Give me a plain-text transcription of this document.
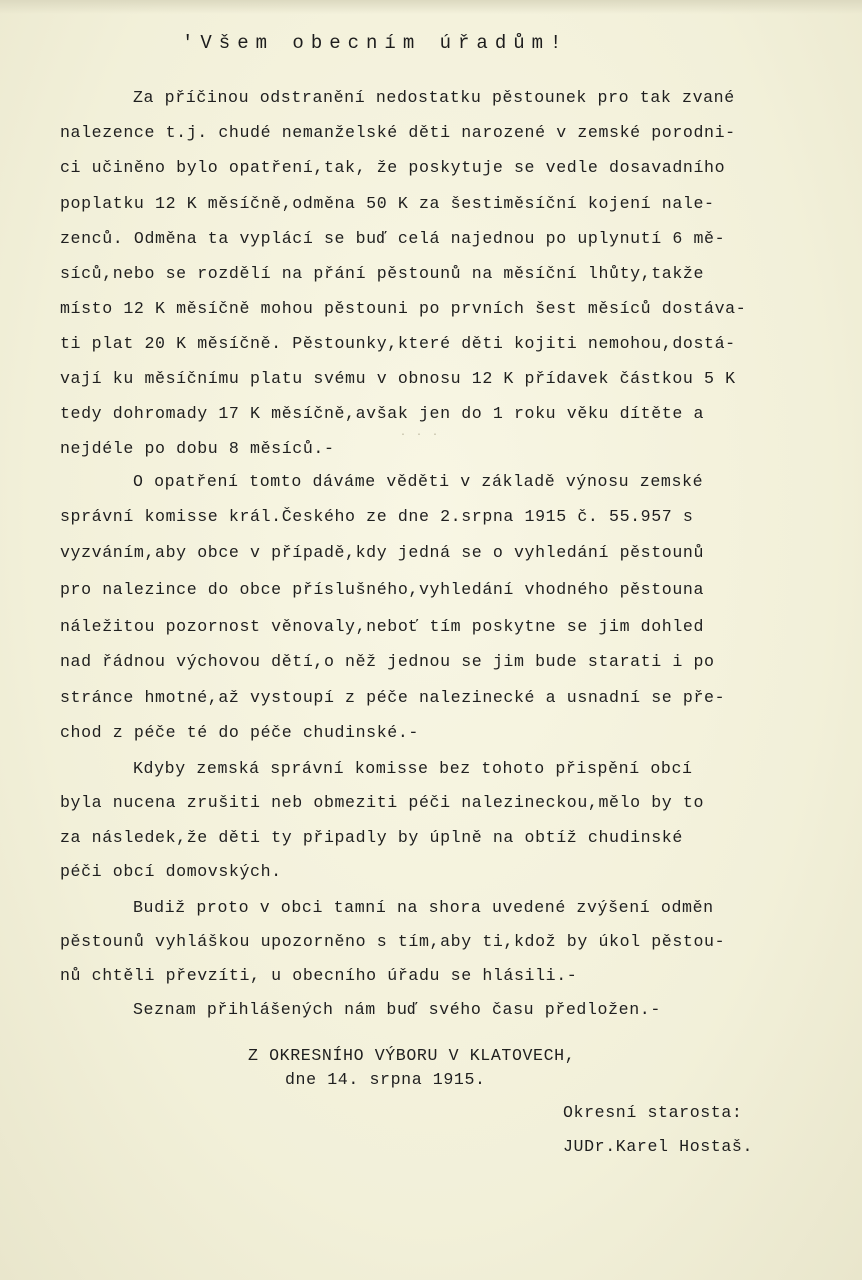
'Všem obecním úřadům!
Za příčinou odstranění nedostatku pěstounek pro tak zvané
nalezence t.j. chudé nemanželské děti narozené v zemské porodni-
ci učiněno bylo opatření,tak, že poskytuje se vedle dosavadního
poplatku 12 K měsíčně,odměna 50 K za šestiměsíční kojení nale-
zenců. Odměna ta vyplácí se buď celá najednou po uplynutí 6 mě-
síců,nebo se rozdělí na přání pěstounů na měsíční lhůty,takže
místo 12 K měsíčně mohou pěstouni po prvních šest měsíců dostáva-
ti plat 20 K měsíčně. Pěstounky,které děti kojiti nemohou,dostá-
vají ku měsíčnímu platu svému v obnosu 12 K přídavek částkou 5 K
tedy dohromady 17 K měsíčně,avšak jen do 1 roku věku dítěte a
nejdéle po dobu 8 měsíců.-
· · ·
O opatření tomto dáváme věděti v základě výnosu zemské
správní komisse král.Českého ze dne 2.srpna 1915 č. 55.957 s
vyzváním,aby obce v případě,kdy jedná se o vyhledání pěstounů
pro nalezince do obce příslušného,vyhledání vhodného pěstouna
náležitou pozornost věnovaly,neboť tím poskytne se jim dohled
nad řádnou výchovou dětí,o něž jednou se jim bude starati i po
stránce hmotné,až vystoupí z péče nalezinecké a usnadní se pře-
chod z péče té do péče chudinské.-
Kdyby zemská správní komisse bez tohoto přispění obcí
byla nucena zrušiti neb obmeziti péči nalezineckou,mělo by to
za následek,že děti ty připadly by úplně na obtíž chudinské
péči obcí domovských.
Budiž proto v obci tamní na shora uvedené zvýšení odměn
pěstounů vyhláškou upozorněno s tím,aby ti,kdož by úkol pěstou-
nů chtěli převzíti, u obecního úřadu se hlásili.-
Seznam přihlášených nám buď svého času předložen.-
Z OKRESNÍHO VÝBORU V KLATOVECH,
dne 14. srpna 1915.
Okresní starosta:
JUDr.Karel Hostaš.
